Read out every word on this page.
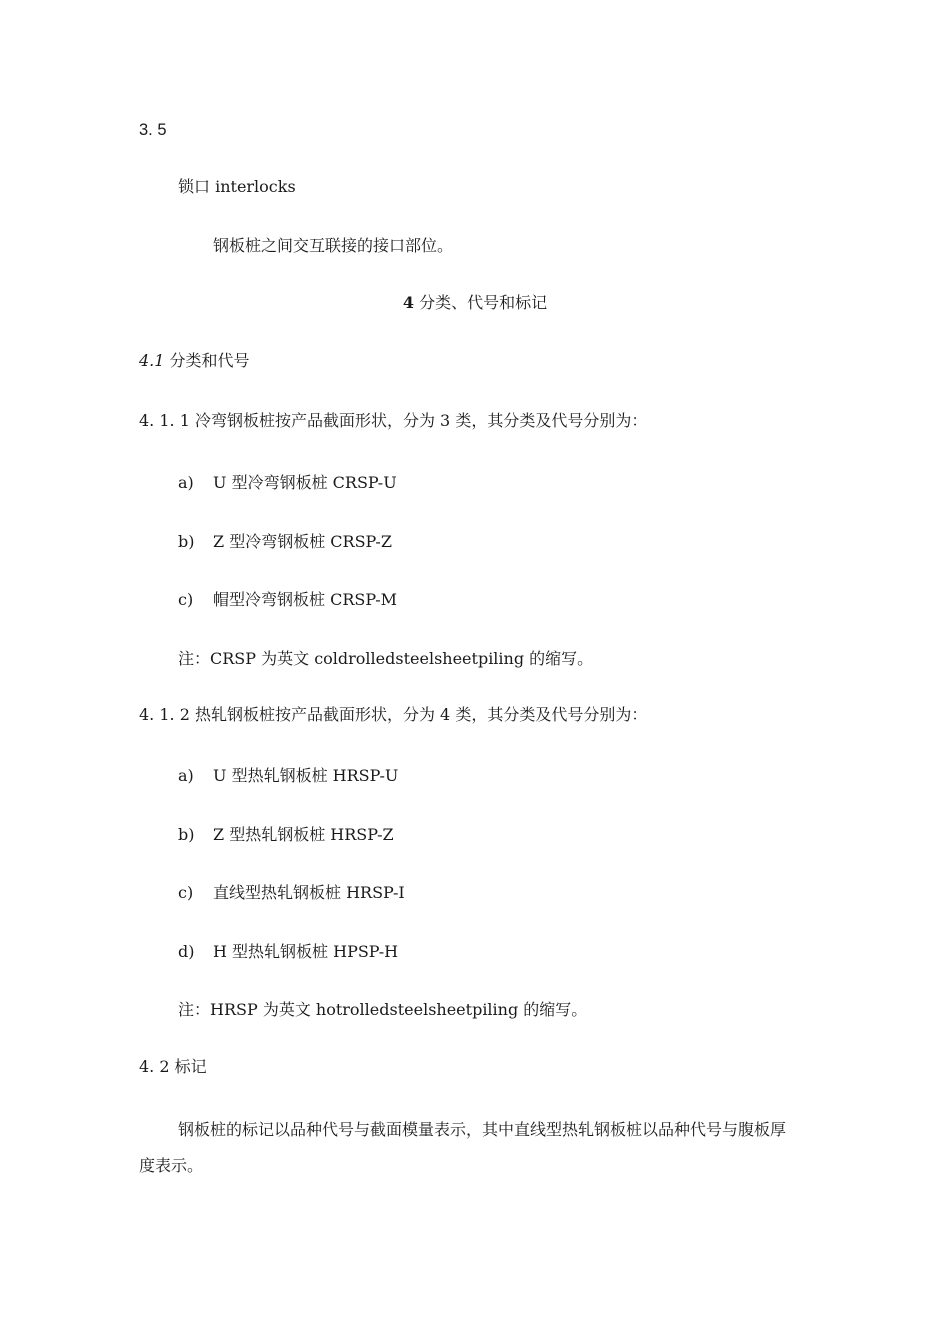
3. 5
锁口 interlocks
钢板桩之间交互联接的接口部位。
4 分类、代号和标记
4.1 分类和代号
4. 1. 1 冷弯钢板桩按产品截面形状，分为 3 类，其分类及代号分别为：
a) U 型冷弯钢板桩 CRSP-U
b) Z 型冷弯钢板桩 CRSP-Z
c) 帽型冷弯钢板桩 CRSP-M
注：CRSP 为英文 coldrolledsteelsheetpiling 的缩写。
4. 1. 2 热轧钢板桩按产品截面形状，分为 4 类，其分类及代号分别为：
a) U 型热轧钢板桩 HRSP-U
b) Z 型热轧钢板桩 HRSP-Z
c) 直线型热轧钢板桩 HRSP-I
d) H 型热轧钢板桩 HPSP-H
注：HRSP 为英文 hotrolledsteelsheetpiling 的缩写。
4. 2 标记
钢板桩的标记以品种代号与截面模量表示，其中直线型热轧钢板桩以品种代号与腹板厚
度表示。
